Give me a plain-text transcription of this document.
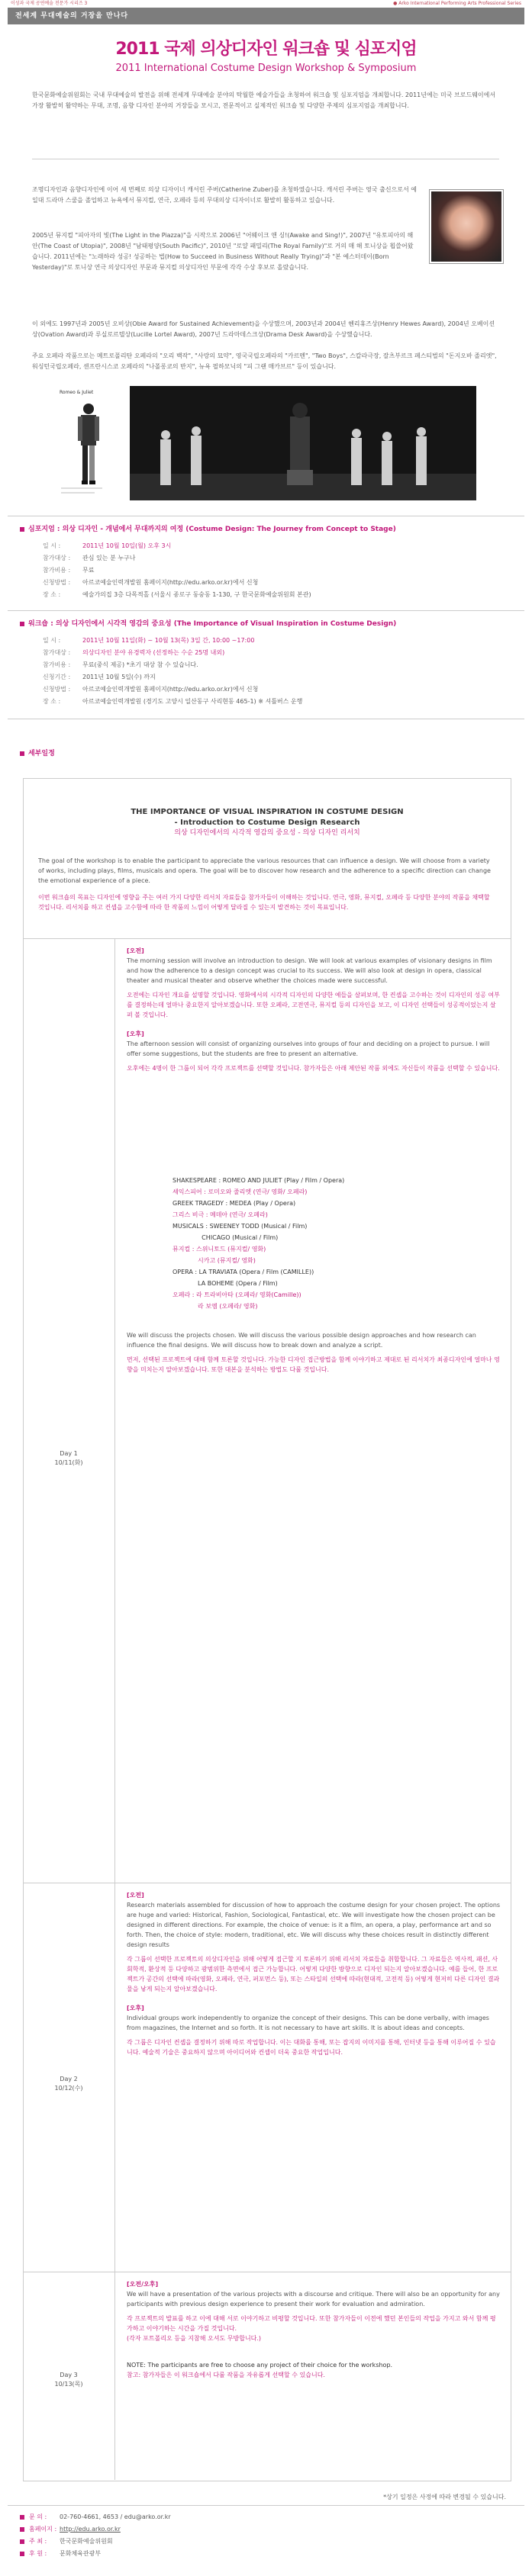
이성과 국제 공연예술 전문가 시리즈 3	● Arko International Performing Arts Professional Series
전세계 무대예술의 거장을 만나다
2011 국제 의상디자인 워크숍 및 심포지엄
2011 International Costume Design Workshop & Symposium
한국문화예술위원회는 국내 무대예술의 발전을 위해 전세계 무대예술 분야의 탁월한 예술가들을 초청하여 워크숍 및 심포지엄을 개최합니다. 2011년에는 미국 브로드웨이에서 가장 활발히 활약하는 무대, 조명, 음향 디자인 분야의 거장들을 모시고, 전문적이고 실제적인 워크숍 및 다양한 주제의 심포지엄을 개최합니다.
조명디자인과 음향디자인에 이어 세 번째로 의상 디자이너 캐서린 주버(Catherine Zuber)를 초청하였습니다. 캐서린 주버는 영국 출신으로서 예일대 드라마 스쿨을 졸업하고 뉴욕에서 뮤지컬, 연극, 오페라 등의 무대의상 디자이너로 활발히 활동하고 있습니다.
2005년 뮤지컬 "피아자의 빛(The Light in the Piazza)"을 시작으로 2006년 "어웨이크 앤 싱!(Awake and Sing!)", 2007년 "유토피아의 해안(The Coast of Utopia)", 2008년 "남태평양(South Pacific)", 2010년 "로얄 패밀리(The Royal Family)"로 거의 매 해 토니상을 휩쓸어왔습니다. 2011년에는 "노래하라 성공! 성공하는 법(How to Succeed in Business Without Really Trying)"과 "본 예스터데이(Born Yesterday)"로 토니상 연극 의상디자인 부문과 뮤지컬 의상디자인 부문에 각각 수상 후보로 올랐습니다.
이 외에도 1997년과 2005년 오비상(Obie Award for Sustained Achievement)을 수상했으며, 2003년과 2004년 헨리휴즈상(Henry Hewes Award), 2004년 오베이션상(Ovation Award)과 루실로르텔상(Lucille Lortel Award), 2007년 드라마데스크상(Drama Desk Award)을 수상했습니다.
주요 오페라 작품으로는 메트로폴리탄 오페라의 "오리 백작", "사랑의 묘약", 영국국립오페라의 "카르멘", "Two Boys", 스칼라극장, 잘츠부르크 페스티벌의 "돈지오바 졸리엣", 워싱턴국립오페라, 센프란시스코 오페라의 "나폴롱코의 반지", 뉴욕 필하모닉의 "피 그랜 매카브르" 등이 있습니다.
Romeo & Juliet
심포지엄 : 의상 디자인 - 개념에서 무대까지의 여정 (Costume Design: The Journey from Concept to Stage)
일 시 :	2011년 10월 10일(월) 오후 3시
참가대상 : 관심 있는 분 누구나
참가비용 : 무료
신청방법 : 아르코예술인력개발원 홈페이지(http://edu.arko.or.kr)에서 신청
장 소 :	예술가의집 3층 다목적홀 (서울시 종로구 동숭동 1-130, 구 한국문화예술위원회 본관)
워크숍 : 의상 디자인에서 시각적 영감의 중요성 (The Importance of Visual Inspiration in Costume Design)
일 시 :	2011년 10월 11일(화) ~ 10월 13(목) 3일 간, 10:00 ~17:00
참가대상 : 의상디자인 분야 유경력자 (선정하는 수순 25명 내외)
참가비용 : 무료(중식 제공) *초기 대상 참 수 있습니다.
신청기간 : 2011년 10월 5일(수) 까지
신청방법 : 아르코예술인력개발원 홈페이지(http://edu.arko.or.kr)에서 신청
장 소 :	아르코예술인력개발원 (경기도 고양시 일산동구 사리현동 465-1) ※ 셔틀버스 운행
세부일정
THE IMPORTANCE OF VISUAL INSPIRATION IN COSTUME DESIGN
- Introduction to Costume Design Research
의상 디자인에서의 시각적 영감의 중요성 - 의상 디자인 리서치
The goal of the workshop is to enable the participant to appreciate the various resources that can influence a design. We will choose from a variety of works, including plays, films, musicals and opera. The goal will be to discover how research and the adherence to a specific direction can change the emotional experience of a piece.
이번 워크숍의 목표는 디자인에 영향을 주는 여러 가지 다양한 리서치 자료들을 참가자들이 이해하는 것입니다. 연극, 영화, 뮤지컬, 오페라 등 다양한 분야의 작품을 채택할 것입니다. 리서치를 하고 컨셉을 고수함에 따라 한 작품의 느낌이 어떻게 달라질 수 있는지 발견하는 것이 목표입니다.
Day 1
10/11(화)
[오전]
The morning session will involve an introduction to design. We will look at various examples of visionary designs in film and how the adherence to a design concept was crucial to its success. We will also look at design in opera, classical theater and musical theater and observe whether the choices made were successful.
오전에는 디자인 개요를 설명할 것입니다. 영화에서의 시각적 디자인의 다양한 예들을 살펴보며, 한 컨셉을 고수하는 것이 디자인의 성공 여부를 결정하는데 얼마나 중요한지 알아보겠습니다. 또한 오페라, 고전연극, 뮤지컬 등의 디자인을 보고, 이 디자인 선택들이 성공적이었는지 살펴 볼 것입니다.
[오후]
The afternoon session will consist of organizing ourselves into groups of four and deciding on a project to pursue. I will offer some suggestions, but the students are free to present an alternative.
오후에는 4명이 한 그룹이 되어 각각 프로젝트를 선택할 것입니다. 참가자들은 아래 제안된 작품 외에도 자신들이 작품을 선택할 수 있습니다.
SHAKESPEARE : ROMEO AND JULIET (Play / Film / Opera)
셰익스피어 : 로미오와 줄리엣 (연극/ 영화/ 오페라)
GREEK TRAGEDY : MEDEA (Play / Opera)
그리스 비극 : 메데아 (연극/ 오페라)
MUSICALS : SWEENEY TODD (Musical / Film)
CHICAGO (Musical / Film)
뮤지컬 : 스위니토드 (뮤지컬/ 영화)
시카고 (뮤지컬/ 영화)
OPERA : LA TRAVIATA (Opera / Film (CAMILLE))
LA BOHEME (Opera / Film)
오페라 : 라 트라비아타 (오페라/ 영화(Camille))
라 보엠 (오페라/ 영화)
We will discuss the projects chosen. We will discuss the various possible design approaches and how research can influence the final designs. We will discuss how to break down and analyze a script.
먼저, 선택된 프로젝트에 대해 함께 토론할 것입니다. 가능한 디자인 접근방법을 함께 이야기하고 제대로 된 리서치가 최종디자인에 얼마나 영향을 미치는지 알아보겠습니다. 또한 대본을 분석하는 방법도 다룰 것입니다.
Day 2
10/12(수)
[오전]
Research materials assembled for discussion of how to approach the costume design for your chosen project. The options are huge and varied: Historical, Fashion, Sociological, Fantastical, etc. We will investigate how the chosen project can be designed in different directions. For example, the choice of venue: is it a film, an opera, a play, performance art and so forth. Then, the choice of style: modern, traditional, etc. We will discuss why these choices result in distinctly different design results
각 그룹이 선택한 프로젝트의 의상디자인을 위해 어떻게 접근할 지 토론하기 위해 리서치 자료들을 취합합니다. 그 자료들은 역사적, 패션, 사회학적, 환상적 등 다양하고 광범위한 측면에서 접근 가능합니다. 어떻게 다양한 방향으로 디자인 되는지 알아보겠습니다. 예를 들어, 한 프로젝트가 공간의 선택에 따라(영화, 오페라, 연극, 퍼포먼스 등), 또는 스타일의 선택에 따라(현대적, 고전적 등) 어떻게 현저히 다른 디자인 결과물을 낳게 되는지 알아보겠습니다.
[오후]
Individual groups work independently to organize the concept of their designs. This can be done verbally, with images from magazines, the Internet and so forth. It is not necessary to have art skills. It is about ideas and concepts.
각 그룹은 디자인 컨셉을 결정하기 위해 따로 작업합니다. 이는 대화를 통해, 또는 잡지의 이미지를 통해, 인터넷 등을 통해 이루어질 수 있습니다. 예술적 기술은 중요하지 않으며 아이디어와 컨셉이 더욱 중요한 작업입니다.
Day 3
10/13(목)
[오전/오후]
We will have a presentation of the various projects with a discourse and critique. There will also be an opportunity for any participants with previous design experience to present their work for evaluation and admiration.
각 프로젝트의 발표를 하고 이에 대해 서로 이야기하고 비평할 것입니다. 또한 참가자들이 이전에 했던 본인들의 작업을 가지고 와서 함께 평가하고 이야기하는 시간을 가질 것입니다.
(각자 포트폴리오 등을 지참해 오셔도 무방합니다.)
NOTE: The participants are free to choose any project of their choice for the workshop.
참고: 참가자들은 이 워크숍에서 다룰 작품을 자유롭게 선택할 수 있습니다.
*상기 일정은 사정에 따라 변경될 수 있습니다.
문 의 : 02-760-4661, 4653 / edu@arko.or.kr
홈페이지 : http://edu.arko.or.kr
주 최 : 한국문화예술위원회
후 원 : 문화체육관광부
